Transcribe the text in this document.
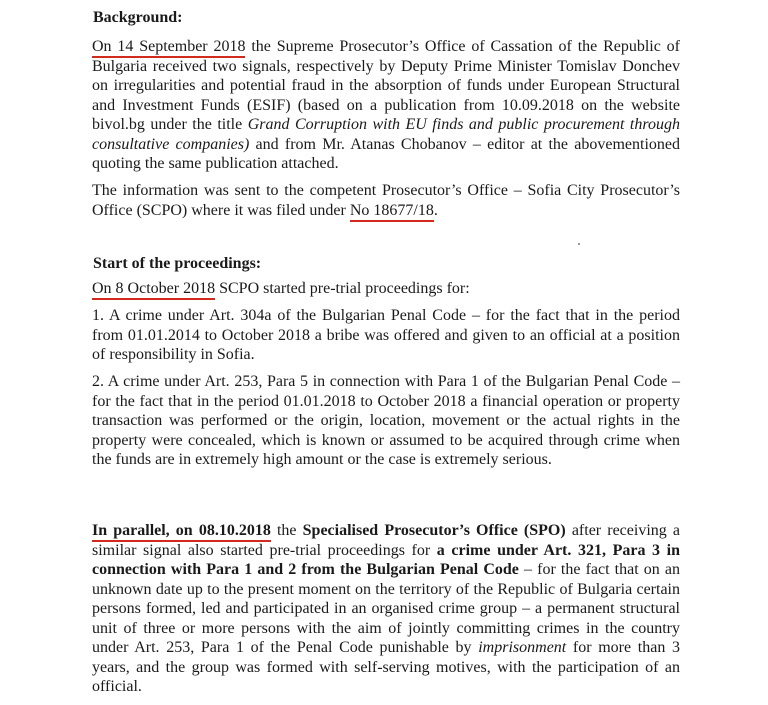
Background:

On 14 September 2018 the Supreme Prosecutor’s Office of Cassation of the Republic of Bulgaria received two signals, respectively by Deputy Prime Minister Tomislav Donchev on irregularities and potential fraud in the absorption of funds under European Structural and Investment Funds (ESIF) (based on a publication from 10.09.2018 on the website bivol.bg under the title Grand Corruption with EU finds and public procurement through consultative companies) and from Mr. Atanas Chobanov – editor at the abovementioned quoting the same publication attached.

The information was sent to the competent Prosecutor’s Office – Sofia City Prosecutor’s Office (SCPO) where it was filed under No 18677/18.

Start of the proceedings:

On 8 October 2018 SCPO started pre-trial proceedings for:

1. A crime under Art. 304a of the Bulgarian Penal Code – for the fact that in the period from 01.01.2014 to October 2018 a bribe was offered and given to an official at a position of responsibility in Sofia.
2. A crime under Art. 253, Para 5 in connection with Para 1 of the Bulgarian Penal Code – for the fact that in the period 01.01.2018 to October 2018 a financial operation or property transaction was performed or the origin, location, movement or the actual rights in the property were concealed, which is known or assumed to be acquired through crime when the funds are in extremely high amount or the case is extremely serious.

In parallel, on 08.10.2018 the Specialised Prosecutor’s Office (SPO) after receiving a similar signal also started pre-trial proceedings for a crime under Art. 321, Para 3 in connection with Para 1 and 2 from the Bulgarian Penal Code – for the fact that on an unknown date up to the present moment on the territory of the Republic of Bulgaria certain persons formed, led and participated in an organised crime group – a permanent structural unit of three or more persons with the aim of jointly committing crimes in the country under Art. 253, Para 1 of the Penal Code punishable by imprisonment for more than 3 years, and the group was formed with self-serving motives, with the participation of an official.
